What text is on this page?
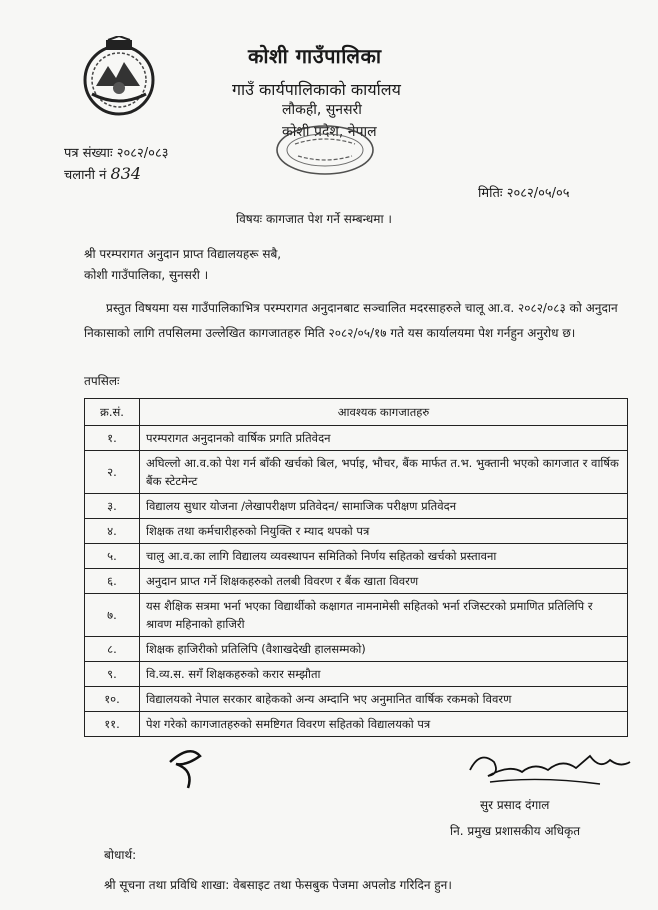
कोशी गाउँपालिका
गाउँ कार्यपालिकाको कार्यालय
लौकही, सुनसरी
कोशी प्रदेश, नेपाल
पत्र संख्याः २०८२/०८३
चलानी नं 834
मितिः २०८२/०५/०५
विषयः कागजात पेश गर्ने सम्बन्धमा ।
श्री परम्परागत अनुदान प्राप्त विद्यालयहरू सबै,
कोशी गाउँपालिका, सुनसरी ।
प्रस्तुत विषयमा यस गाउँपालिकाभित्र परम्परागत अनुदानबाट सञ्चालित मदरसाहरुले चालू आ.व. २०८२/०८३ को अनुदान निकासाको लागि तपसिलमा उल्लेखित कागजातहरु मिति २०८२/०५/१७ गते यस कार्यालयमा पेश गर्नहुन अनुरोध छ।
तपसिलः
क्र.सं.	आवश्यक कागजातहरु
१.	परम्परागत अनुदानको वार्षिक प्रगति प्रतिवेदन
२.	अघिल्लो आ.व.को पेश गर्न बाँकी खर्चको बिल, भर्पाइ, भौचर, बैंक मार्फत त.भ. भुक्तानी भएको कागजात र वार्षिक बैंक स्टेटमेन्ट
३.	विद्यालय सुधार योजना /लेखापरीक्षण प्रतिवेदन/ सामाजिक परीक्षण प्रतिवेदन
४.	शिक्षक तथा कर्मचारीहरुको नियुक्ति र म्याद थपको पत्र
५.	चालु आ.व.का लागि विद्यालय व्यवस्थापन समितिको निर्णय सहितको खर्चको प्रस्तावना
६.	अनुदान प्राप्त गर्ने शिक्षकहरुको तलबी विवरण र बैंक खाता विवरण
७.	यस शैक्षिक सत्रमा भर्ना भएका विद्यार्थीको कक्षागत नामनामेसी सहितको भर्ना रजिस्टरको प्रमाणित प्रतिलिपि र श्रावण महिनाको हाजिरी
८.	शिक्षक हाजिरीको प्रतिलिपि (वैशाखदेखी हालसम्मको)
९.	वि.व्य.स. सगँ शिक्षकहरुको करार सम्झौता
१०.	विद्यालयको नेपाल सरकार बाहेकको अन्य अम्दानि भए अनुमानित वार्षिक रकमको विवरण
११.	पेश गरेको कागजातहरुको समष्टिगत विवरण सहितको विद्यालयको पत्र
सुर प्रसाद दंगाल
नि. प्रमुख प्रशासकीय अधिकृत
बोधार्थ:
श्री सूचना तथा प्रविधि शाखा: वेबसाइट तथा फेसबुक पेजमा अपलोड गरिदिन हुन।
